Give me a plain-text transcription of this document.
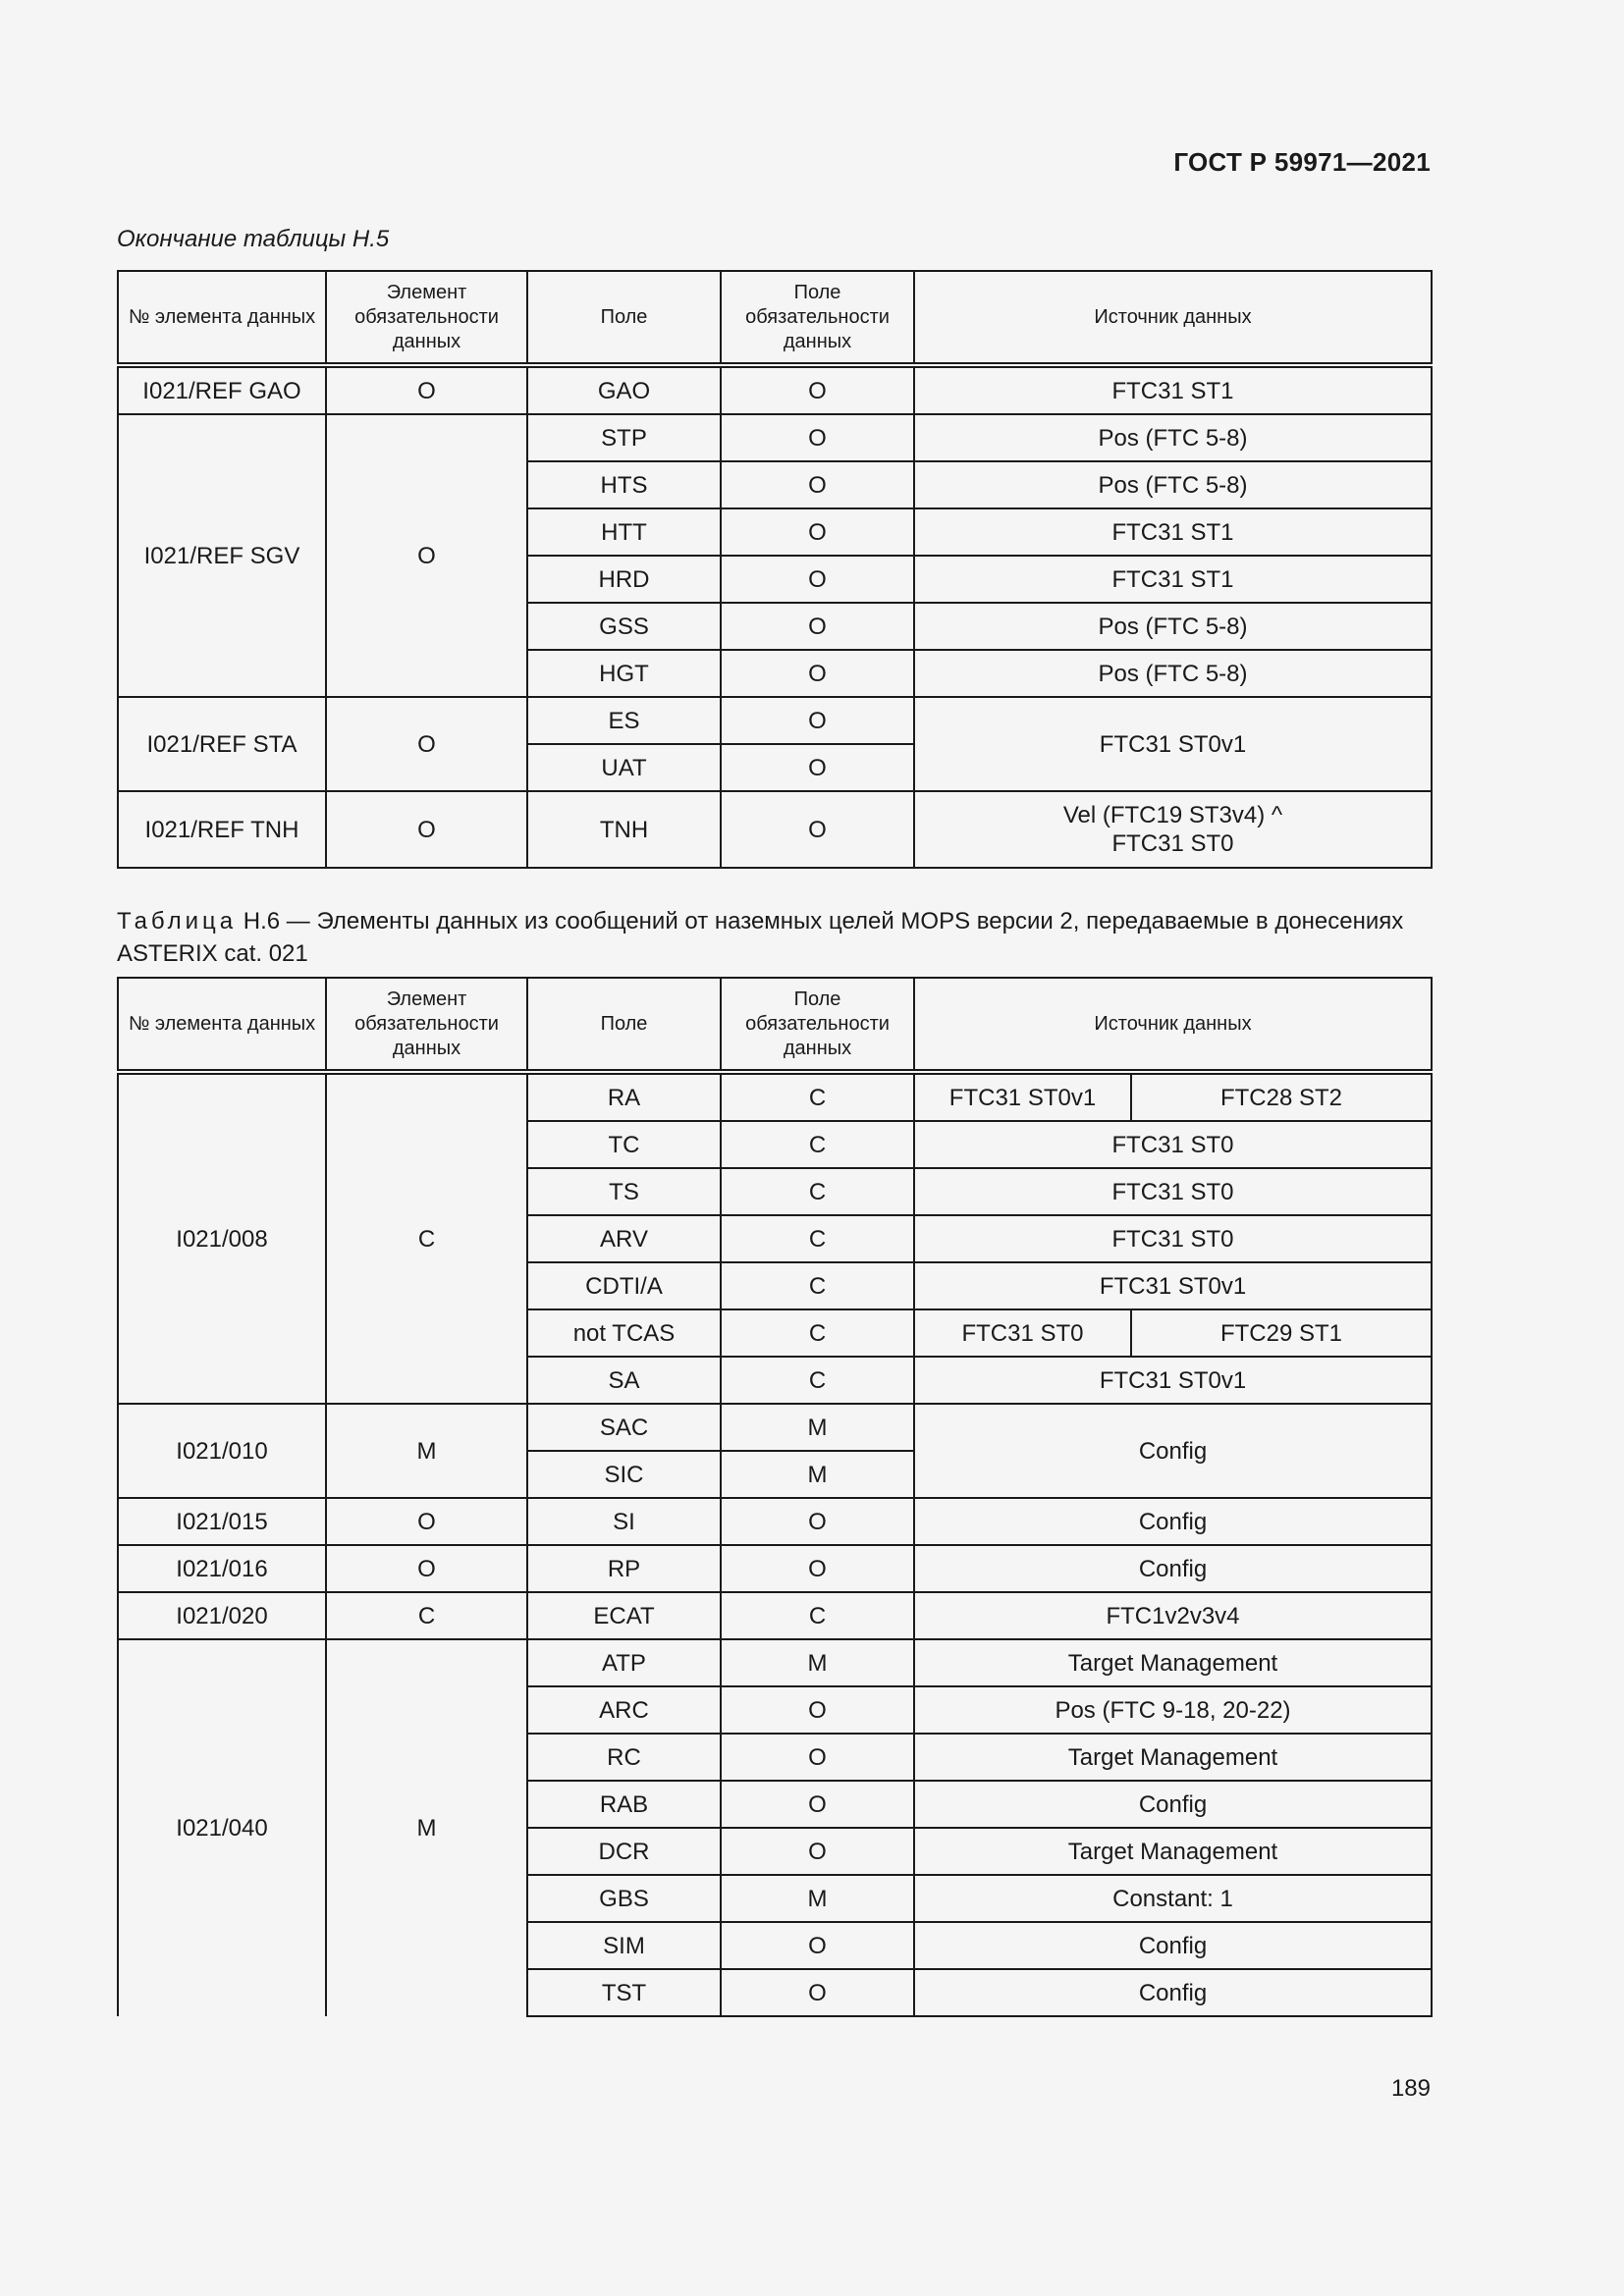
ГОСТ Р 59971—2021
Окончание таблицы Н.5
№ элемента данных	Элемент обязательности данных	Поле	Поле обязательности данных	Источник данных
I021/REF GAO	O	GAO	O	FTC31 ST1
I021/REF SGV	O	STP	O	Pos (FTC 5-8)
		HTS	O	Pos (FTC 5-8)
		HTT	O	FTC31 ST1
		HRD	O	FTC31 ST1
		GSS	O	Pos (FTC 5-8)
		HGT	O	Pos (FTC 5-8)
I021/REF STA	O	ES	O	FTC31 ST0v1
		UAT	O	
I021/REF TNH	O	TNH	O	Vel (FTC19 ST3v4) ^
FTC31 ST0
Таблица Н.6 — Элементы данных из сообщений от наземных целей MOPS версии 2, передаваемые в донесениях ASTERIX cat. 021
№ элемента данных	Элемент обязательности данных	Поле	Поле обязательности данных	Источник данных	
I021/008	C	RA	C	FTC31 ST0v1	FTC28 ST2
		TC	C	FTC31 ST0	
		TS	C	FTC31 ST0	
		ARV	C	FTC31 ST0	
		CDTI/A	C	FTC31 ST0v1	
		not TCAS	C	FTC31 ST0	FTC29 ST1
		SA	C	FTC31 ST0v1	
I021/010	M	SAC	M	Config	
		SIC	M		
I021/015	O	SI	O	Config	
I021/016	O	RP	O	Config	
I021/020	C	ECAT	C	FTC1v2v3v4	
I021/040	M	ATP	M	Target Management	
		ARC	O	Pos (FTC 9-18, 20-22)	
		RC	O	Target Management	
		RAB	O	Config	
		DCR	O	Target Management	
		GBS	M	Constant: 1	
		SIM	O	Config	
		TST	O	Config	
189
